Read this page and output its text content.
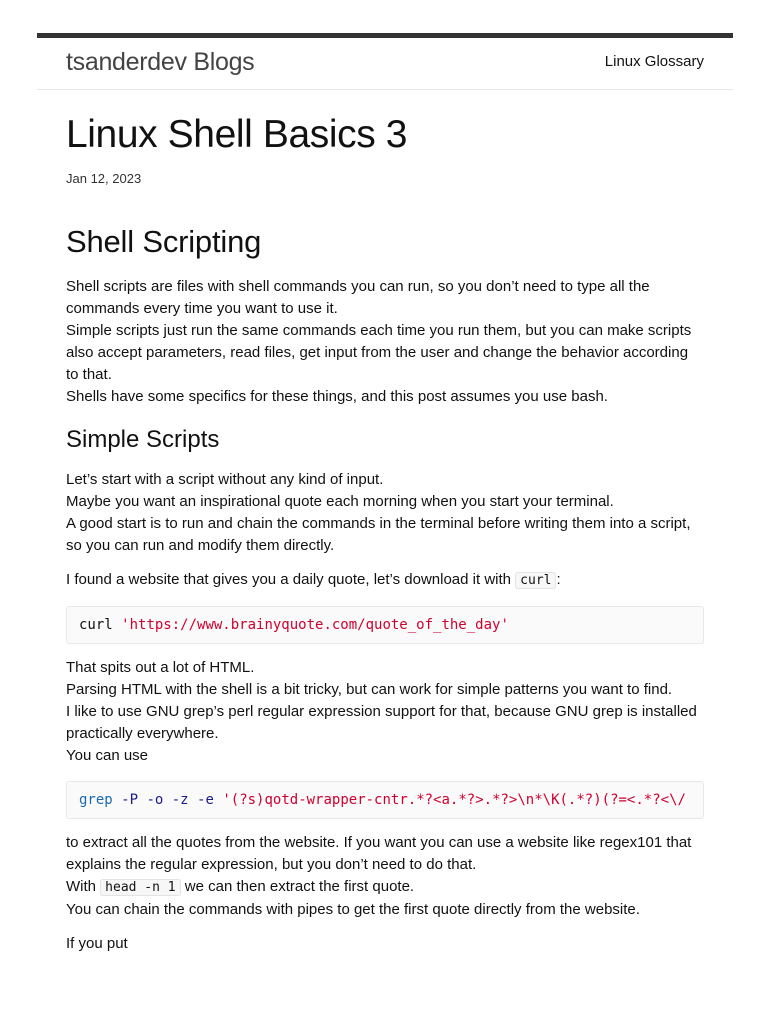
tsanderdev Blogs	Linux Glossary
Linux Shell Basics 3
Jan 12, 2023
Shell Scripting

Shell scripts are files with shell commands you can run, so you don’t need to type all the commands every time you want to use it.
Simple scripts just run the same commands each time you run them, but you can make scripts also accept parameters, read files, get input from the user and change the behavior according to that.
Shells have some specifics for these things, and this post assumes you use bash.

Simple Scripts

Let’s start with a script without any kind of input.
Maybe you want an inspirational quote each morning when you start your terminal.
A good start is to run and chain the commands in the terminal before writing them into a script, so you can run and modify them directly.

I found a website that gives you a daily quote, let’s download it with curl :

curl 'https://www.brainyquote.com/quote_of_the_day'

That spits out a lot of HTML.
Parsing HTML with the shell is a bit tricky, but can work for simple patterns you want to find.
I like to use GNU grep’s perl regular expression support for that, because GNU grep is installed practically everywhere.
You can use

grep -P -o -z -e '(?s)qotd-wrapper-cntr.*?<a.*?>.*?>\n*\K(.*?)(?=<.*?<\/

to extract all the quotes from the website. If you want you can use a website like regex101 that explains the regular expression, but you don’t need to do that.
With head -n 1 we can then extract the first quote.
You can chain the commands with pipes to get the first quote directly from the website.

If you put
